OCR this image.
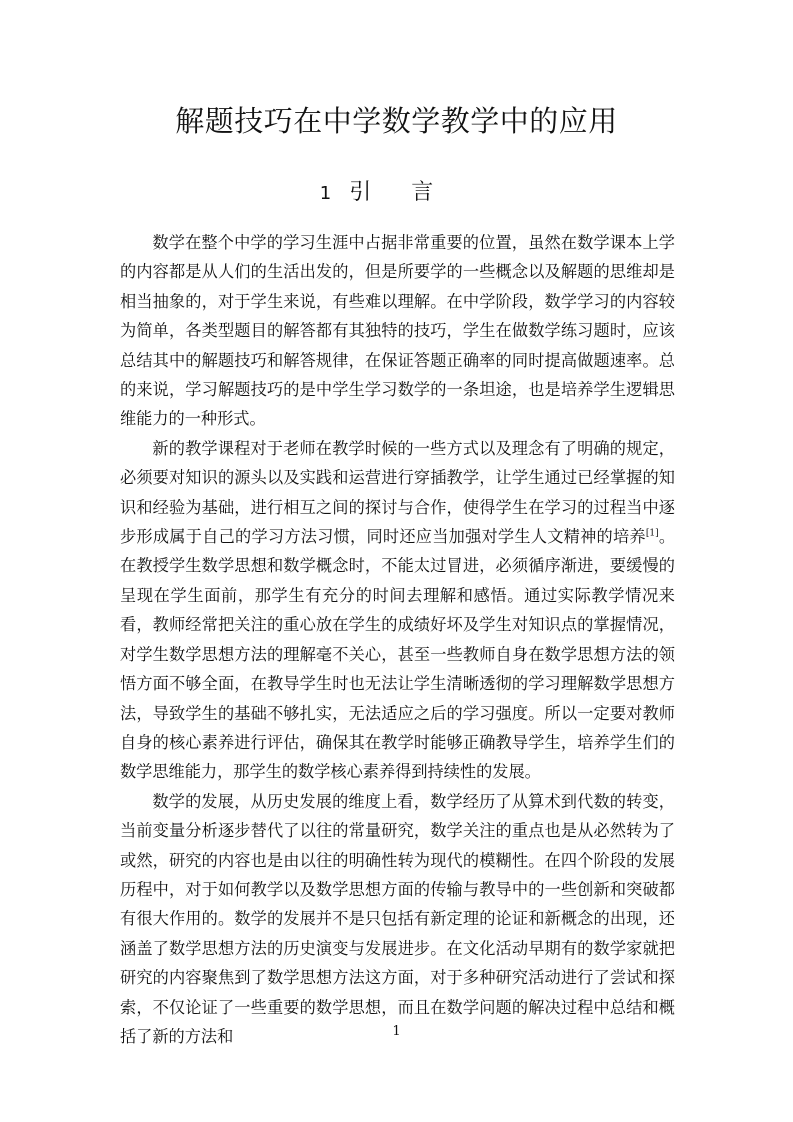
解题技巧在中学数学教学中的应用
1 引言

数学在整个中学的学习生涯中占据非常重要的位置，虽然在数学课本上学的内容都是从人们的生活出发的，但是所要学的一些概念以及解题的思维却是相当抽象的，对于学生来说，有些难以理解。在中学阶段，数学学习的内容较为简单，各类型题目的解答都有其独特的技巧，学生在做数学练习题时，应该总结其中的解题技巧和解答规律，在保证答题正确率的同时提高做题速率。总的来说，学习解题技巧的是中学生学习数学的一条坦途，也是培养学生逻辑思维能力的一种形式。

新的教学课程对于老师在教学时候的一些方式以及理念有了明确的规定，必须要对知识的源头以及实践和运营进行穿插教学，让学生通过已经掌握的知识和经验为基础，进行相互之间的探讨与合作，使得学生在学习的过程当中逐步形成属于自己的学习方法习惯，同时还应当加强对学生人文精神的培养[1]。在教授学生数学思想和数学概念时，不能太过冒进，必须循序渐进，要缓慢的呈现在学生面前，那学生有充分的时间去理解和感悟。通过实际教学情况来看，教师经常把关注的重心放在学生的成绩好坏及学生对知识点的掌握情况，对学生数学思想方法的理解毫不关心，甚至一些教师自身在数学思想方法的领悟方面不够全面，在教导学生时也无法让学生清晰透彻的学习理解数学思想方法，导致学生的基础不够扎实，无法适应之后的学习强度。所以一定要对教师自身的核心素养进行评估，确保其在教学时能够正确教导学生，培养学生们的数学思维能力，那学生的数学核心素养得到持续性的发展。

数学的发展，从历史发展的维度上看，数学经历了从算术到代数的转变，当前变量分析逐步替代了以往的常量研究，数学关注的重点也是从必然转为了或然，研究的内容也是由以往的明确性转为现代的模糊性。在四个阶段的发展历程中，对于如何教学以及数学思想方面的传输与教导中的一些创新和突破都有很大作用的。数学的发展并不是只包括有新定理的论证和新概念的出现，还涵盖了数学思想方法的历史演变与发展进步。在文化活动早期有的数学家就把研究的内容聚焦到了数学思想方法这方面，对于多种研究活动进行了尝试和探索，不仅论证了一些重要的数学思想，而且在数学问题的解决过程中总结和概括了新的方法和	1
